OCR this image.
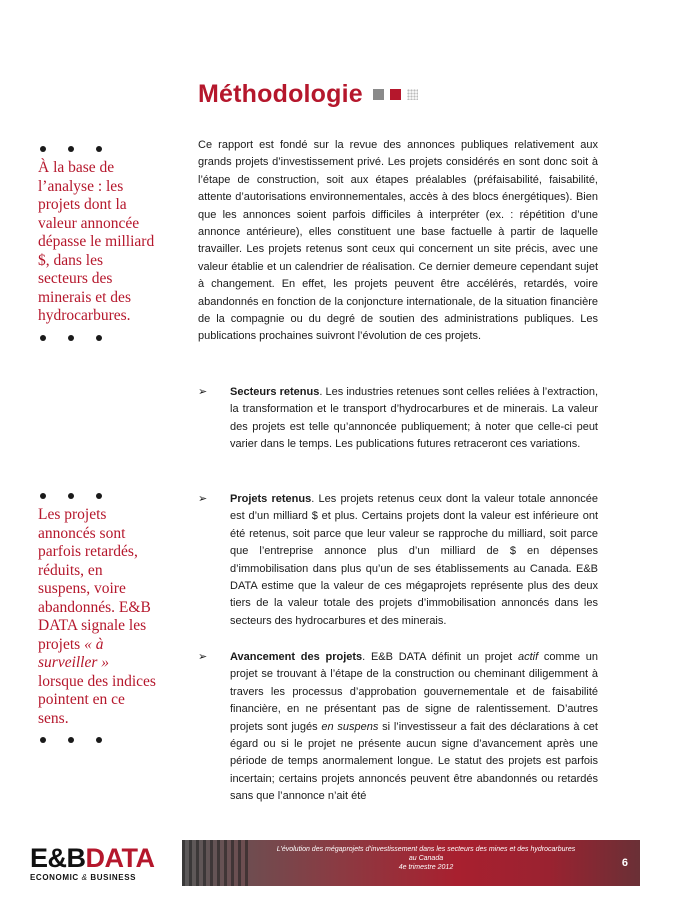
Méthodologie
À la base de l’analyse : les projets dont la valeur annoncée dépasse le milliard $, dans les secteurs des minerais et des hydrocarbures.
Les projets annoncés sont parfois retardés, réduits, en suspens, voire abandonnés. E&B DATA signale les projets « à surveiller » lorsque des indices pointent en ce sens.
Ce rapport est fondé sur la revue des annonces publiques relativement aux grands projets d’investissement privé. Les projets considérés en sont donc soit à l’étape de construction, soit aux étapes préalables (préfaisabilité, faisabilité, attente d’autorisations environnementales, accès à des blocs énergétiques). Bien que les annonces soient parfois difficiles à interpréter (ex. : répétition d’une annonce antérieure), elles constituent une base factuelle à partir de laquelle travailler. Les projets retenus sont ceux qui concernent un site précis, avec une valeur établie et un calendrier de réalisation. Ce dernier demeure cependant sujet à changement. En effet, les projets peuvent être accélérés, retardés, voire abandonnés en fonction de la conjoncture internationale, de la situation financière de la compagnie ou du degré de soutien des administrations publiques. Les publications prochaines suivront l’évolution de ces projets.
➢	Secteurs retenus. Les industries retenues sont celles reliées à l’extraction, la transformation et le transport d’hydrocarbures et de minerais. La valeur des projets est telle qu’annoncée publiquement; à noter que celle-ci peut varier dans le temps. Les publications futures retraceront ces variations.
➢	Projets retenus. Les projets retenus ceux dont la valeur totale annoncée est d’un milliard $ et plus. Certains projets dont la valeur est inférieure ont été retenus, soit parce que leur valeur se rapproche du milliard, soit parce que l’entreprise annonce plus d’un milliard de $ en dépenses d’immobilisation dans plus qu’un de ses établissements au Canada. E&B DATA estime que la valeur de ces mégaprojets représente plus des deux tiers de la valeur totale des projets d’immobilisation annoncés dans les secteurs des hydrocarbures et des minerais.
➢	Avancement des projets. E&B DATA définit un projet actif comme un projet se trouvant à l’étape de la construction ou cheminant diligemment à travers les processus d’approbation gouvernementale et de faisabilité financière, en ne présentant pas de signe de ralentissement. D’autres projets sont jugés en suspens si l’investisseur a fait des déclarations à cet égard ou si le projet ne présente aucun signe d’avancement après une période de temps anormalement longue. Le statut des projets est parfois incertain; certains projets annoncés peuvent être abandonnés ou retardés sans que l’annonce n’ait été
E&BDATA
ECONOMIC & BUSINESS
L’évolution des mégaprojets d’investissement dans les secteurs des mines et des hydrocarbures
au Canada
4e trimestre 2012	6
